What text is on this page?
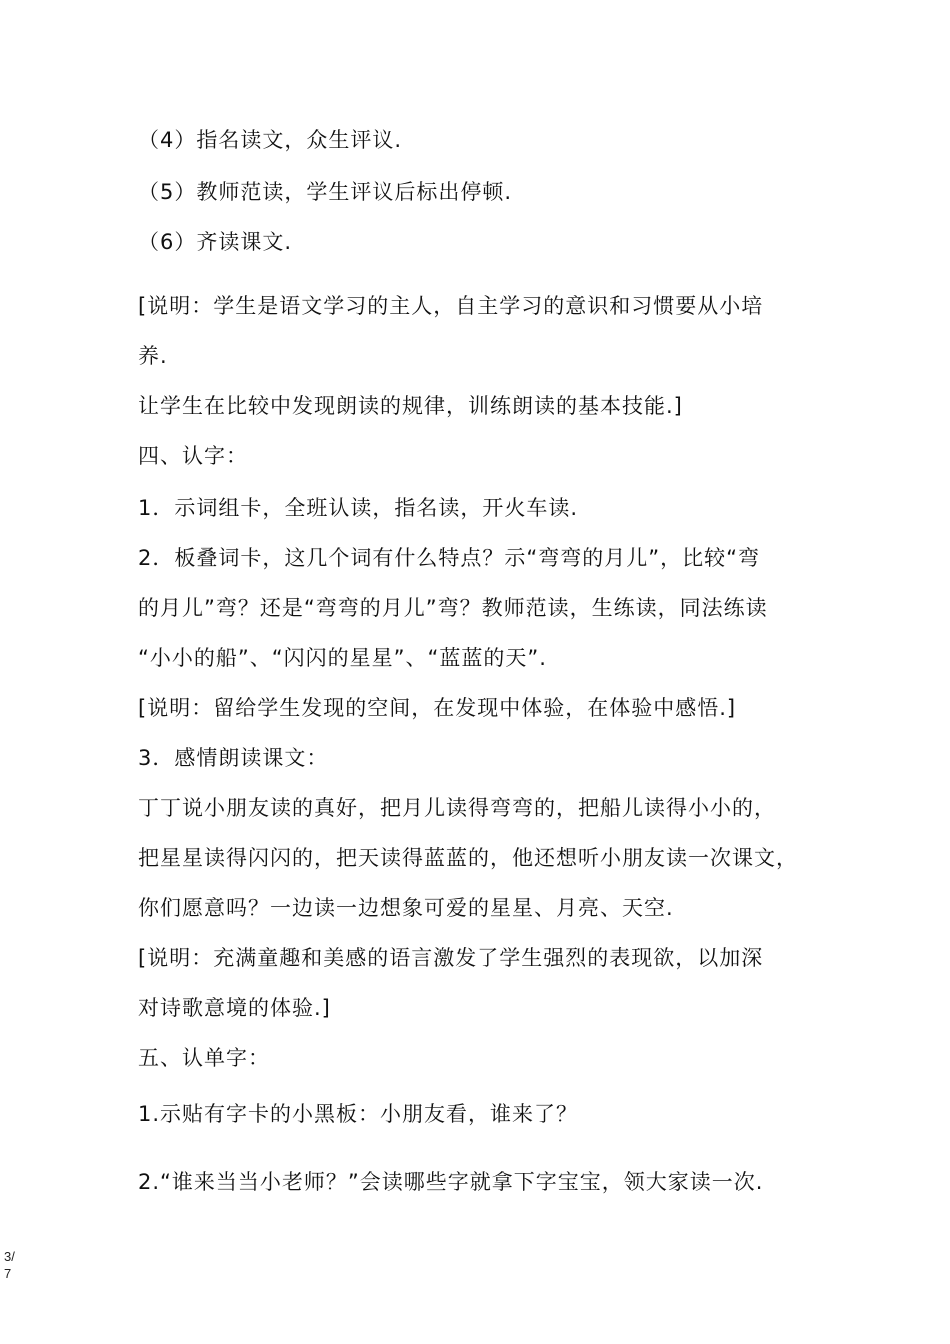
（4）指名读文，众生评议.
（5）教师范读，学生评议后标出停顿.
（6）齐读课文.
[说明：学生是语文学习的主人，自主学习的意识和习惯要从小培
养.
让学生在比较中发现朗读的规律，训练朗读的基本技能.]
四、认字：
1．示词组卡，全班认读，指名读，开火车读.
2．板叠词卡，这几个词有什么特点？示“弯弯的月儿”，比较“弯
的月儿”弯？还是“弯弯的月儿”弯？教师范读，生练读，同法练读
“小小的船”、“闪闪的星星”、“蓝蓝的天”.
[说明：留给学生发现的空间，在发现中体验，在体验中感悟.]
3．感情朗读课文：
丁丁说小朋友读的真好，把月儿读得弯弯的，把船儿读得小小的，
把星星读得闪闪的，把天读得蓝蓝的，他还想听小朋友读一次课文，
你们愿意吗？一边读一边想象可爱的星星、月亮、天空.
[说明：充满童趣和美感的语言激发了学生强烈的表现欲，以加深
对诗歌意境的体验.]
五、认单字：
1.示贴有字卡的小黑板：小朋友看，谁来了？
2.“谁来当当小老师？”会读哪些字就拿下字宝宝，领大家读一次.
3/7
